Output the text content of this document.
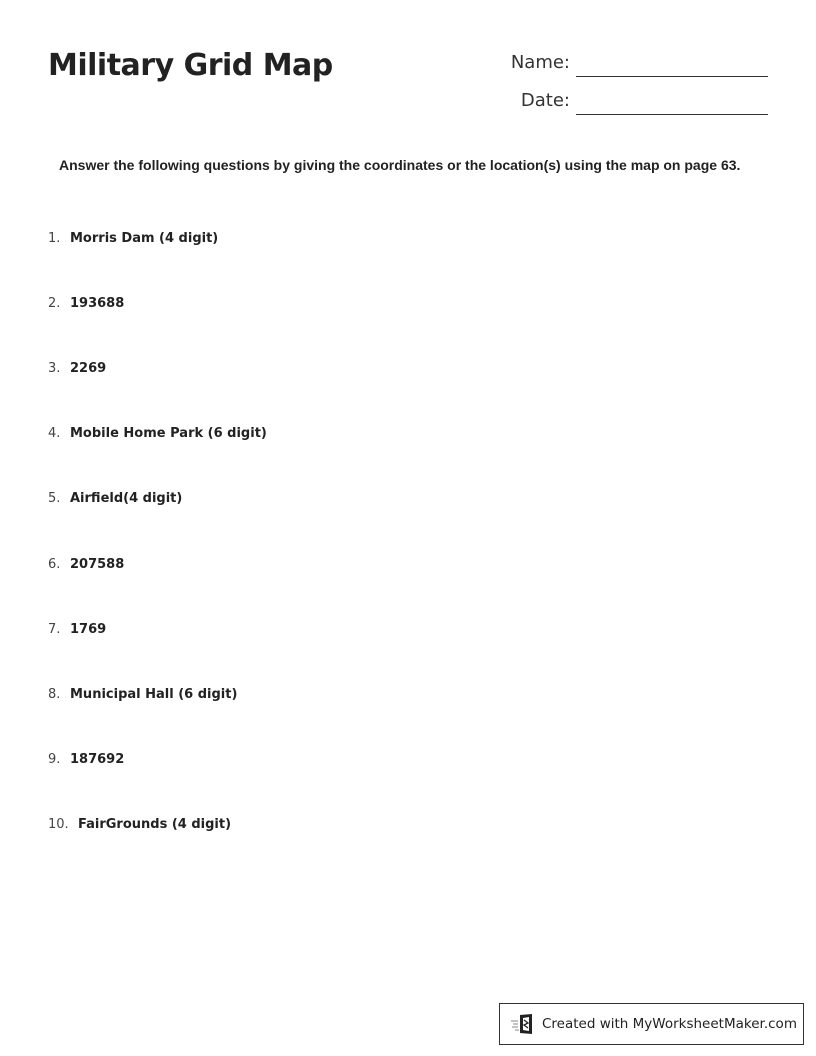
Military Grid Map	Name:
Date:
Answer the following questions by giving the coordinates or the location(s) using the map on page 63.
1. Morris Dam (4 digit)
2. 193688
3. 2269
4. Mobile Home Park (6 digit)
5. Airfield(4 digit)
6. 207588
7. 1769
8. Municipal Hall (6 digit)
9. 187692
10. FairGrounds (4 digit)
Created with MyWorksheetMaker.com
